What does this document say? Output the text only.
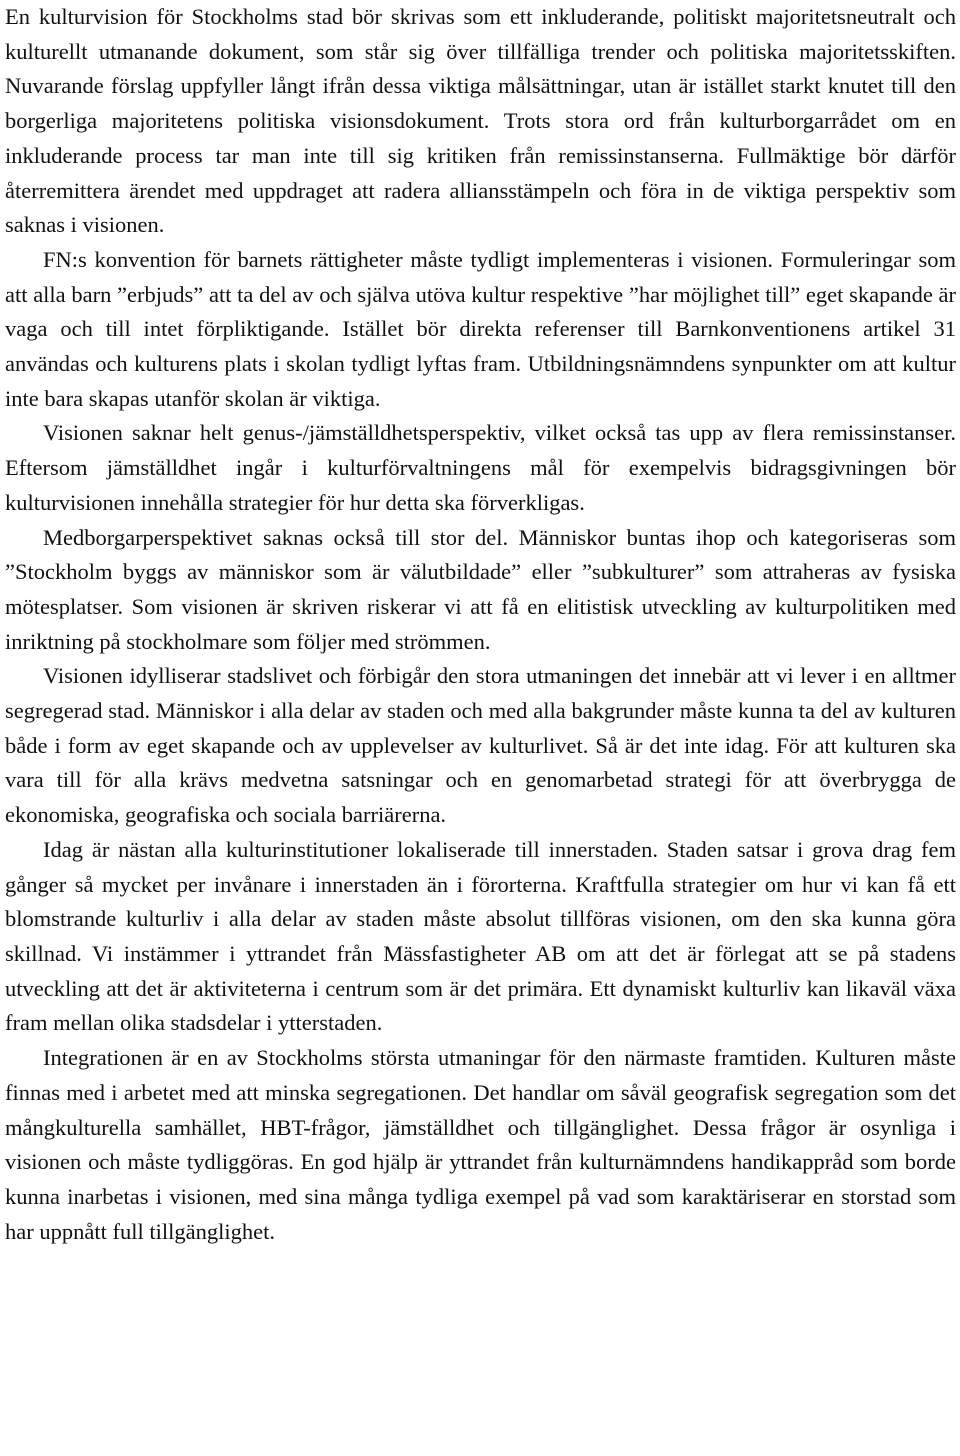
En kulturvision för Stockholms stad bör skrivas som ett inkluderande, politiskt majoritetsneutralt och kulturellt utmanande dokument, som står sig över tillfälliga trender och politiska majoritetsskiften. Nuvarande förslag uppfyller långt ifrån dessa viktiga målsättningar, utan är istället starkt knutet till den borgerliga majoritetens politiska visionsdokument. Trots stora ord från kulturborgarrådet om en inkluderande process tar man inte till sig kritiken från remissinstanserna. Fullmäktige bör därför återremittera ärendet med uppdraget att radera alliansstämpeln och föra in de viktiga perspektiv som saknas i visionen.

FN:s konvention för barnets rättigheter måste tydligt implementeras i visionen. Formuleringar som att alla barn ”erbjuds” att ta del av och själva utöva kultur respektive ”har möjlighet till” eget skapande är vaga och till intet förpliktigande. Istället bör direkta referenser till Barnkonventionens artikel 31 användas och kulturens plats i skolan tydligt lyftas fram. Utbildningsnämndens synpunkter om att kultur inte bara skapas utanför skolan är viktiga.

Visionen saknar helt genus-/jämställdhetsperspektiv, vilket också tas upp av flera remissinstanser. Eftersom jämställdhet ingår i kulturförvaltningens mål för exempelvis bidragsgivningen bör kulturvisionen innehålla strategier för hur detta ska förverkligas.

Medborgarperspektivet saknas också till stor del. Människor buntas ihop och kategoriseras som ”Stockholm byggs av människor som är välutbildade” eller ”subkulturer” som attraheras av fysiska mötesplatser. Som visionen är skriven riskerar vi att få en elitistisk utveckling av kulturpolitiken med inriktning på stockholmare som följer med strömmen.

Visionen idylliserar stadslivet och förbigår den stora utmaningen det innebär att vi lever i en alltmer segregerad stad. Människor i alla delar av staden och med alla bakgrunder måste kunna ta del av kulturen både i form av eget skapande och av upplevelser av kulturlivet. Så är det inte idag. För att kulturen ska vara till för alla krävs medvetna satsningar och en genomarbetad strategi för att överbrygga de ekonomiska, geografiska och sociala barriärerna.

Idag är nästan alla kulturinstitutioner lokaliserade till innerstaden. Staden satsar i grova drag fem gånger så mycket per invånare i innerstaden än i förorterna. Kraftfulla strategier om hur vi kan få ett blomstrande kulturliv i alla delar av staden måste absolut tillföras visionen, om den ska kunna göra skillnad. Vi instämmer i yttrandet från Mässfastigheter AB om att det är förlegat att se på stadens utveckling att det är aktiviteterna i centrum som är det primära. Ett dynamiskt kulturliv kan likaväl växa fram mellan olika stadsdelar i ytterstaden.

Integrationen är en av Stockholms största utmaningar för den närmaste framtiden. Kulturen måste finnas med i arbetet med att minska segregationen. Det handlar om såväl geografisk segregation som det mångkulturella samhället, HBT-frågor, jämställdhet och tillgänglighet. Dessa frågor är osynliga i visionen och måste tydliggöras. En god hjälp är yttrandet från kulturnämndens handikappråd som borde kunna inarbetas i visionen, med sina många tydliga exempel på vad som karaktäriserar en storstad som har uppnått full tillgänglighet.
